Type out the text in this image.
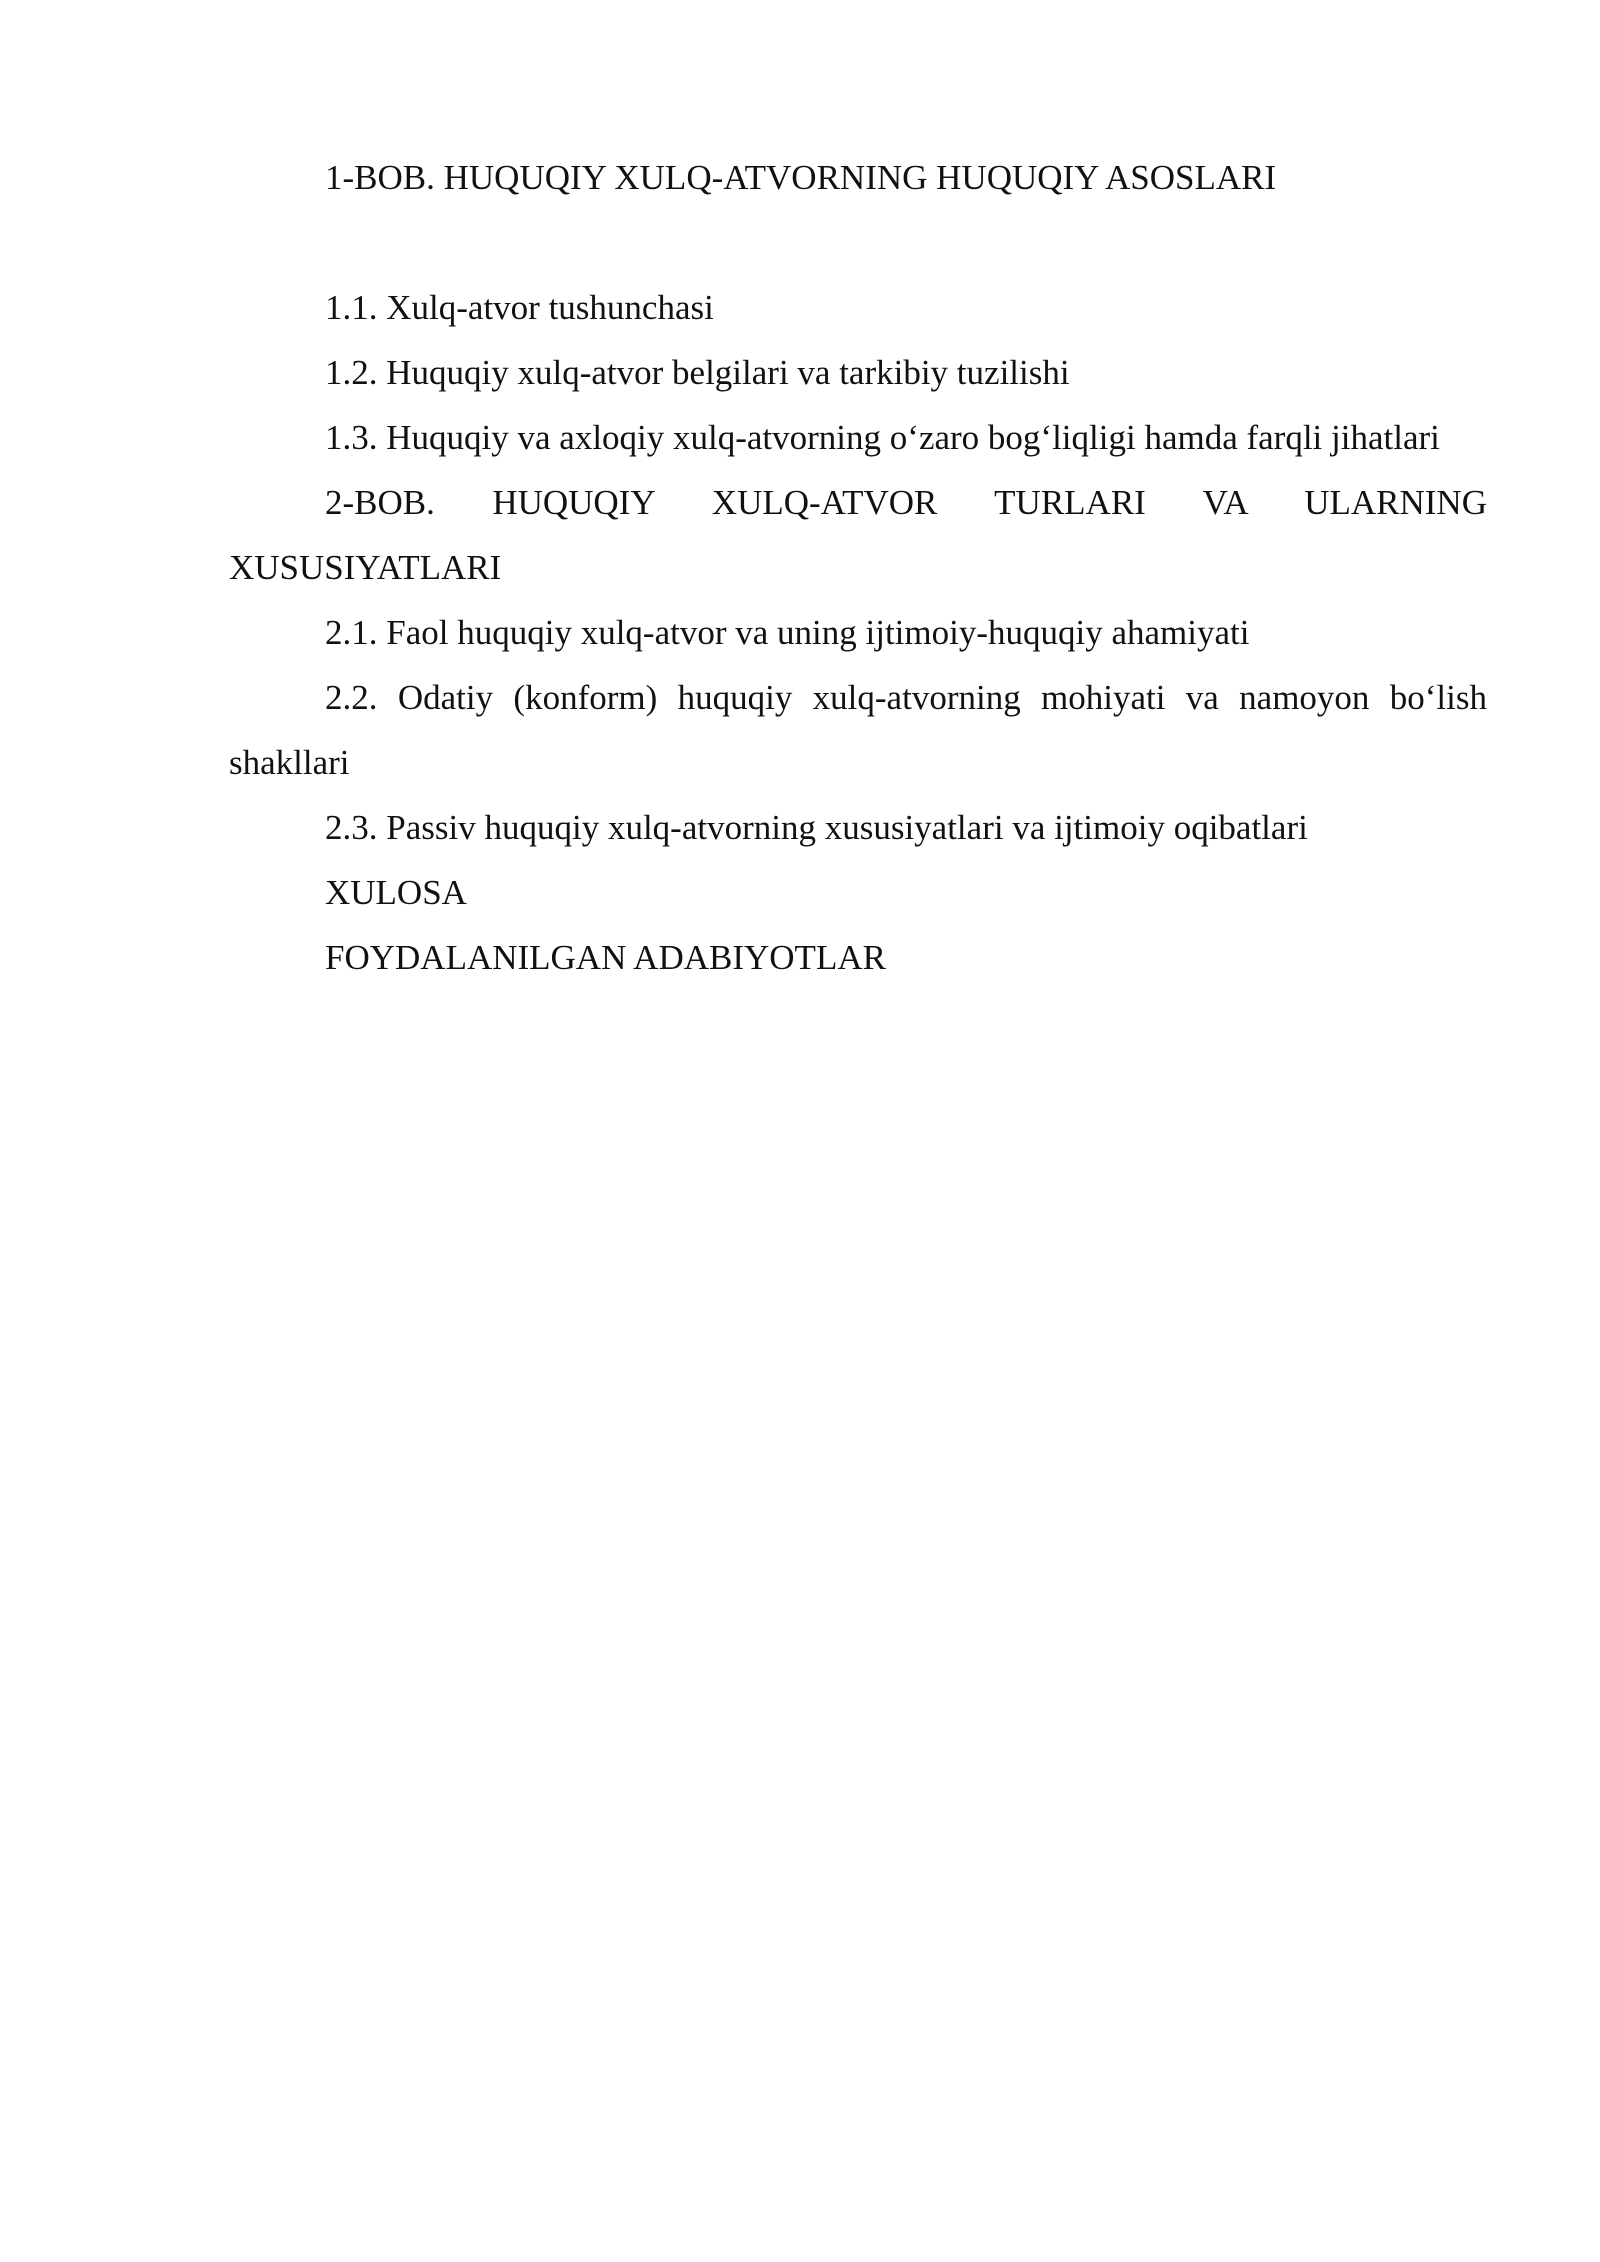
1-BOB. HUQUQIY XULQ-ATVORNING HUQUQIY ASOSLARI

1.1. Xulq-atvor tushunchasi

1.2. Huquqiy xulq-atvor belgilari va tarkibiy tuzilishi

1.3. Huquqiy va axloqiy xulq-atvorning o‘zaro bog‘liqligi hamda farqli jihatlari

2-BOB. HUQUQIY XULQ-ATVOR TURLARI VA ULARNING XUSUSIYATLARI

2.1. Faol huquqiy xulq-atvor va uning ijtimoiy-huquqiy ahamiyati

2.2. Odatiy (konform) huquqiy xulq-atvorning mohiyati va namoyon bo‘lish shakllari

2.3. Passiv huquqiy xulq-atvorning xususiyatlari va ijtimoiy oqibatlari

XULOSA

FOYDALANILGAN ADABIYOTLAR
